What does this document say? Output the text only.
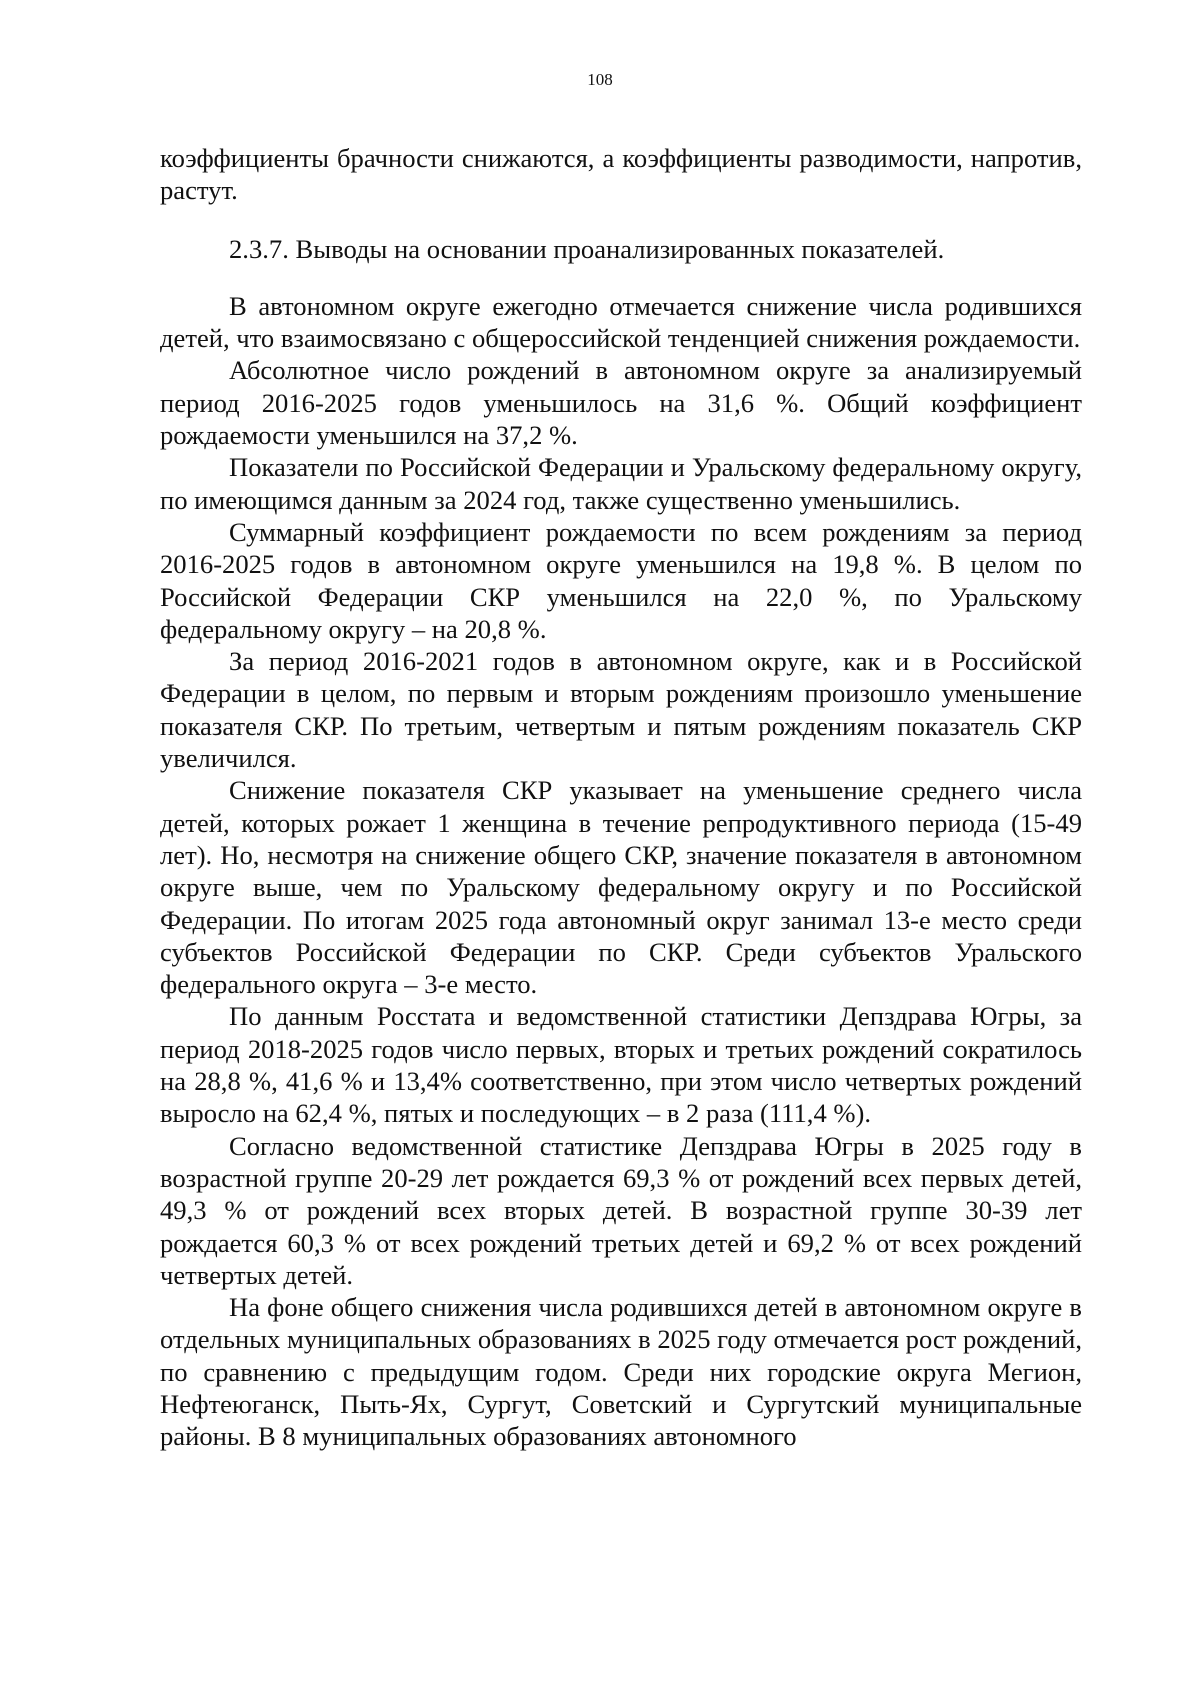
108

коэффициенты брачности снижаются, а коэффициенты разводимости, напротив, растут.

2.3.7. Выводы на основании проанализированных показателей.

В автономном округе ежегодно отмечается снижение числа родившихся детей, что взаимосвязано с общероссийской тенденцией снижения рождаемости.

Абсолютное число рождений в автономном округе за анализируемый период 2016-2025 годов уменьшилось на 31,6 %. Общий коэффициент рождаемости уменьшился на 37,2 %.

Показатели по Российской Федерации и Уральскому федеральному округу, по имеющимся данным за 2024 год, также существенно уменьшились.

Суммарный коэффициент рождаемости по всем рождениям за период 2016-2025 годов в автономном округе уменьшился на 19,8 %. В целом по Российской Федерации СКР уменьшился на 22,0 %, по Уральскому федеральному округу – на 20,8 %.

За период 2016-2021 годов в автономном округе, как и в Российской Федерации в целом, по первым и вторым рождениям произошло уменьшение показателя СКР. По третьим, четвертым и пятым рождениям показатель СКР увеличился.

Снижение показателя СКР указывает на уменьшение среднего числа детей, которых рожает 1 женщина в течение репродуктивного периода (15-49 лет). Но, несмотря на снижение общего СКР, значение показателя в автономном округе выше, чем по Уральскому федеральному округу и по Российской Федерации. По итогам 2025 года автономный округ занимал 13-е место среди субъектов Российской Федерации по СКР. Среди субъектов Уральского федерального округа – 3-е место.

По данным Росстата и ведомственной статистики Депздрава Югры, за период 2018-2025 годов число первых, вторых и третьих рождений сократилось на 28,8 %, 41,6 % и 13,4% соответственно, при этом число четвертых рождений выросло на 62,4 %, пятых и последующих – в 2 раза (111,4 %).

Согласно ведомственной статистике Депздрава Югры в 2025 году в возрастной группе 20-29 лет рождается 69,3 % от рождений всех первых детей, 49,3 % от рождений всех вторых детей. В возрастной группе 30-39 лет рождается 60,3 % от всех рождений третьих детей и 69,2 % от всех рождений четвертых детей.

На фоне общего снижения числа родившихся детей в автономном округе в отдельных муниципальных образованиях в 2025 году отмечается рост рождений, по сравнению с предыдущим годом. Среди них городские округа Мегион, Нефтеюганск, Пыть-Ях, Сургут, Советский и Сургутский муниципальные районы. В 8 муниципальных образованиях автономного
